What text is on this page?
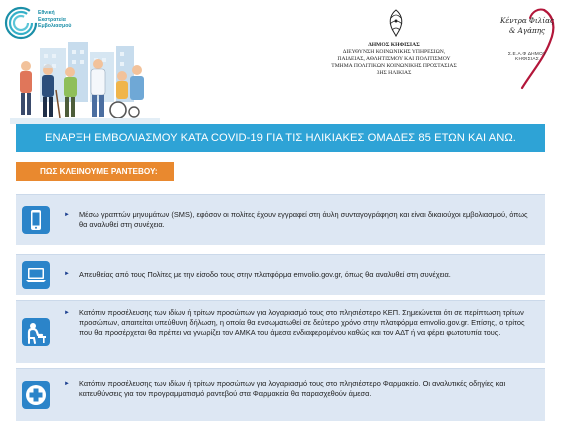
Εθνική
Εκστρατεία
Εμβολιασμού
ΔΗΜΟΣ ΚΗΦΙΣΙΑΣ
ΔΙΕΥΘΥΝΣΗ ΚΟΙΝΩΝΙΚΗΣ ΥΠΗΡΕΣΙΩΝ,
ΠΑΙΔΕΙΑΣ, ΑΘΛΗΤΙΣΜΟΥ ΚΑΙ ΠΟΛΙΤΙΣΜΟΥ
ΤΜΗΜΑ ΠΟΛΙΤΙΚΩΝ ΚΟΙΝΩΝΙΚΗΣ ΠΡΟΣΤΑΣΙΑΣ
3ΗΣ ΗΛΙΚΙΑΣ
Κέντρα Φιλίας
& Αγάπης
Σ.Ε.Α.Φ ΔΗΜΟΥ ΚΗΦΙΣΙΑΣ
ΕΝΑΡΞΗ ΕΜΒΟΛΙΑΣΜΟΥ ΚΑΤΑ COVID-19 ΓΙΑ ΤΙΣ ΗΛΙΚΙΑΚΕΣ ΟΜΑΔΕΣ 85 ΕΤΩΝ ΚΑΙ ΑΝΩ.
ΠΩΣ ΚΛΕΙΝΟΥΜΕ ΡΑΝΤΕΒΟΥ:
► Μέσω γραπτών μηνυμάτων (SMS), εφόσον οι πολίτες έχουν εγγραφεί στη άυλη συνταγογράφηση και είναι δικαιούχοι εμβολιασμού, όπως θα αναλυθεί στη συνέχεια.
► Απευθείας από τους Πολίτες με την είσοδο τους στην πλατφόρμα emvolio.gov.gr, όπως θα αναλυθεί στη συνέχεια.
► Κατόπιν προσέλευσης των ιδίων ή τρίτων προσώπων για λογαριασμό τους στο πλησιέστερο ΚΕΠ. Σημειώνεται ότι σε περίπτωση τρίτων προσώπων, απαιτείται υπεύθυνη δήλωση, η οποία θα ενσωματωθεί σε δεύτερο χρόνο στην πλατφόρμα emvolio.gov.gr. Επίσης, ο τρίτος που θα προσέρχεται θα πρέπει να γνωρίζει τον ΑΜΚΑ του άμεσα ενδιαφερομένου καθώς και τον ΑΔΤ ή να φέρει φωτοτυπία τους.
► Κατόπιν προσέλευσης των ιδίων ή τρίτων προσώπων για λογαριασμό τους στο πλησιέστερο Φαρμακείο. Οι αναλυτικές οδηγίες και κατευθύνσεις για τον προγραμματισμό ραντεβού στα Φαρμακεία θα παρασχεθούν άμεσα.
